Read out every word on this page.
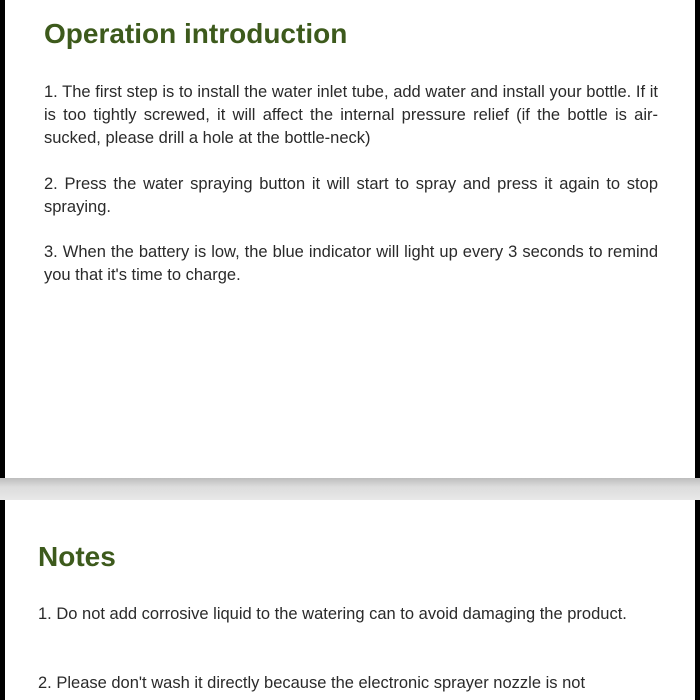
Operation introduction

1. The first step is to install the water inlet tube, add water and install your bottle. If it is too tightly screwed, it will affect the internal pressure relief (if the bottle is air-sucked, please drill a hole at the bottle-neck)

2. Press the water spraying button it will start to spray and press it again to stop spraying.

3. When the battery is low, the blue indicator will light up every 3 seconds to remind you that it's time to charge.

Notes

1. Do not add corrosive liquid to the watering can to avoid damaging the product.

2. Please don't wash it directly because the electronic sprayer nozzle is not
